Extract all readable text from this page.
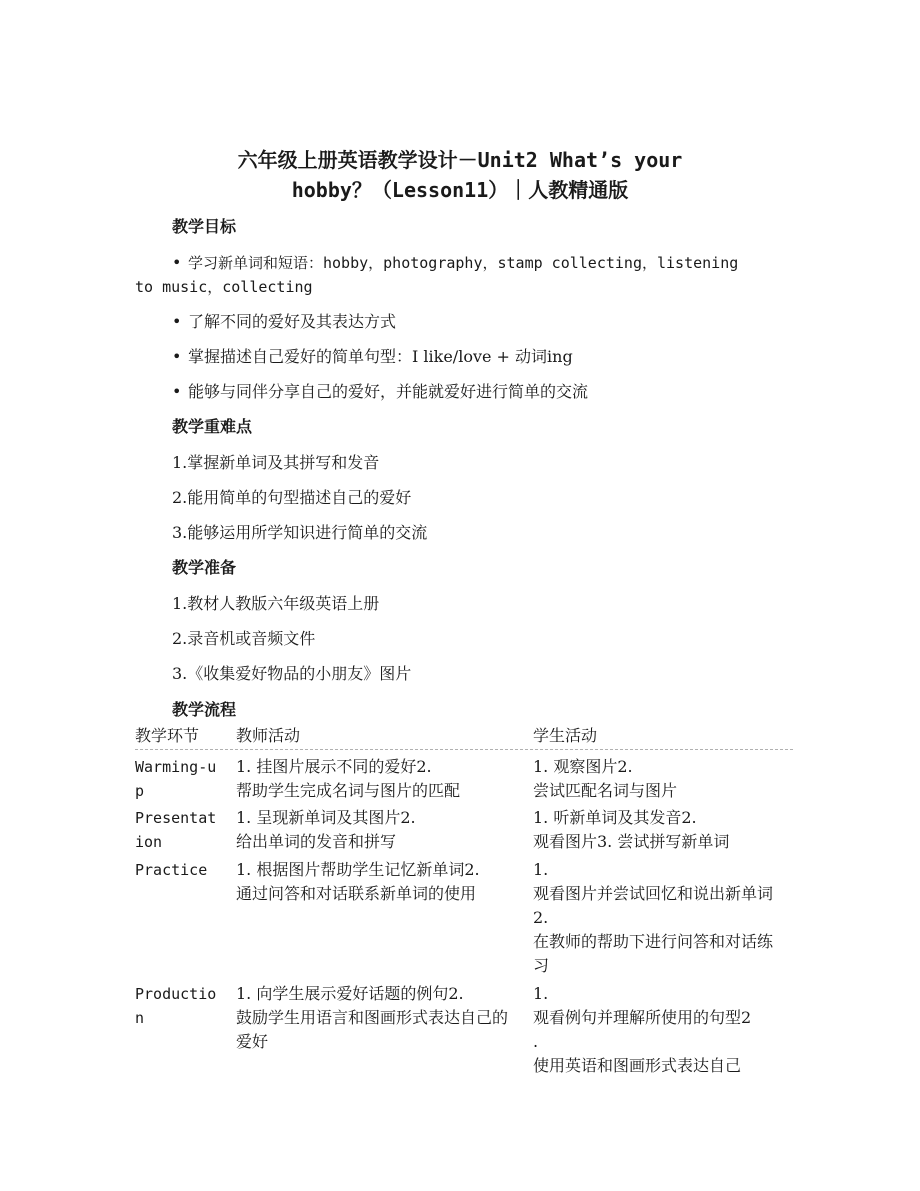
六年级上册英语教学设计－Unit2 What’s your
hobby？（Lesson11）｜人教精通版
教学目标
• 学习新单词和短语：hobby，photography，stamp collecting，listening
to music，collecting
• 了解不同的爱好及其表达方式
• 掌握描述自己爱好的简单句型：I like/love + 动词ing
• 能够与同伴分享自己的爱好，并能就爱好进行简单的交流
教学重难点
1.掌握新单词及其拼写和发音
2.能用简单的句型描述自己的爱好
3.能够运用所学知识进行简单的交流
教学准备
1.教材人教版六年级英语上册
2.录音机或音频文件
3.《收集爱好物品的小朋友》图片
教学流程
教学环节 教师活动	学生活动
Warming-up
1. 挂图片展示不同的爱好2.
帮助学生完成名词与图片的匹配
1. 观察图片2.
尝试匹配名词与图片
Presentation
1. 呈现新单词及其图片2.
给出单词的发音和拼写
1. 听新单词及其发音2.
观看图片3. 尝试拼写新单词
Practice	1. 根据图片帮助学生记忆新单词2.
通过问答和对话联系新单词的使用
1.
观看图片并尝试回忆和说出新单词2.
在教师的帮助下进行问答和对话练习
Production
1. 向学生展示爱好话题的例句2.
鼓励学生用语言和图画形式表达自己的爱好
1.
观看例句并理解所使用的句型2
.
使用英语和图画形式表达自己
